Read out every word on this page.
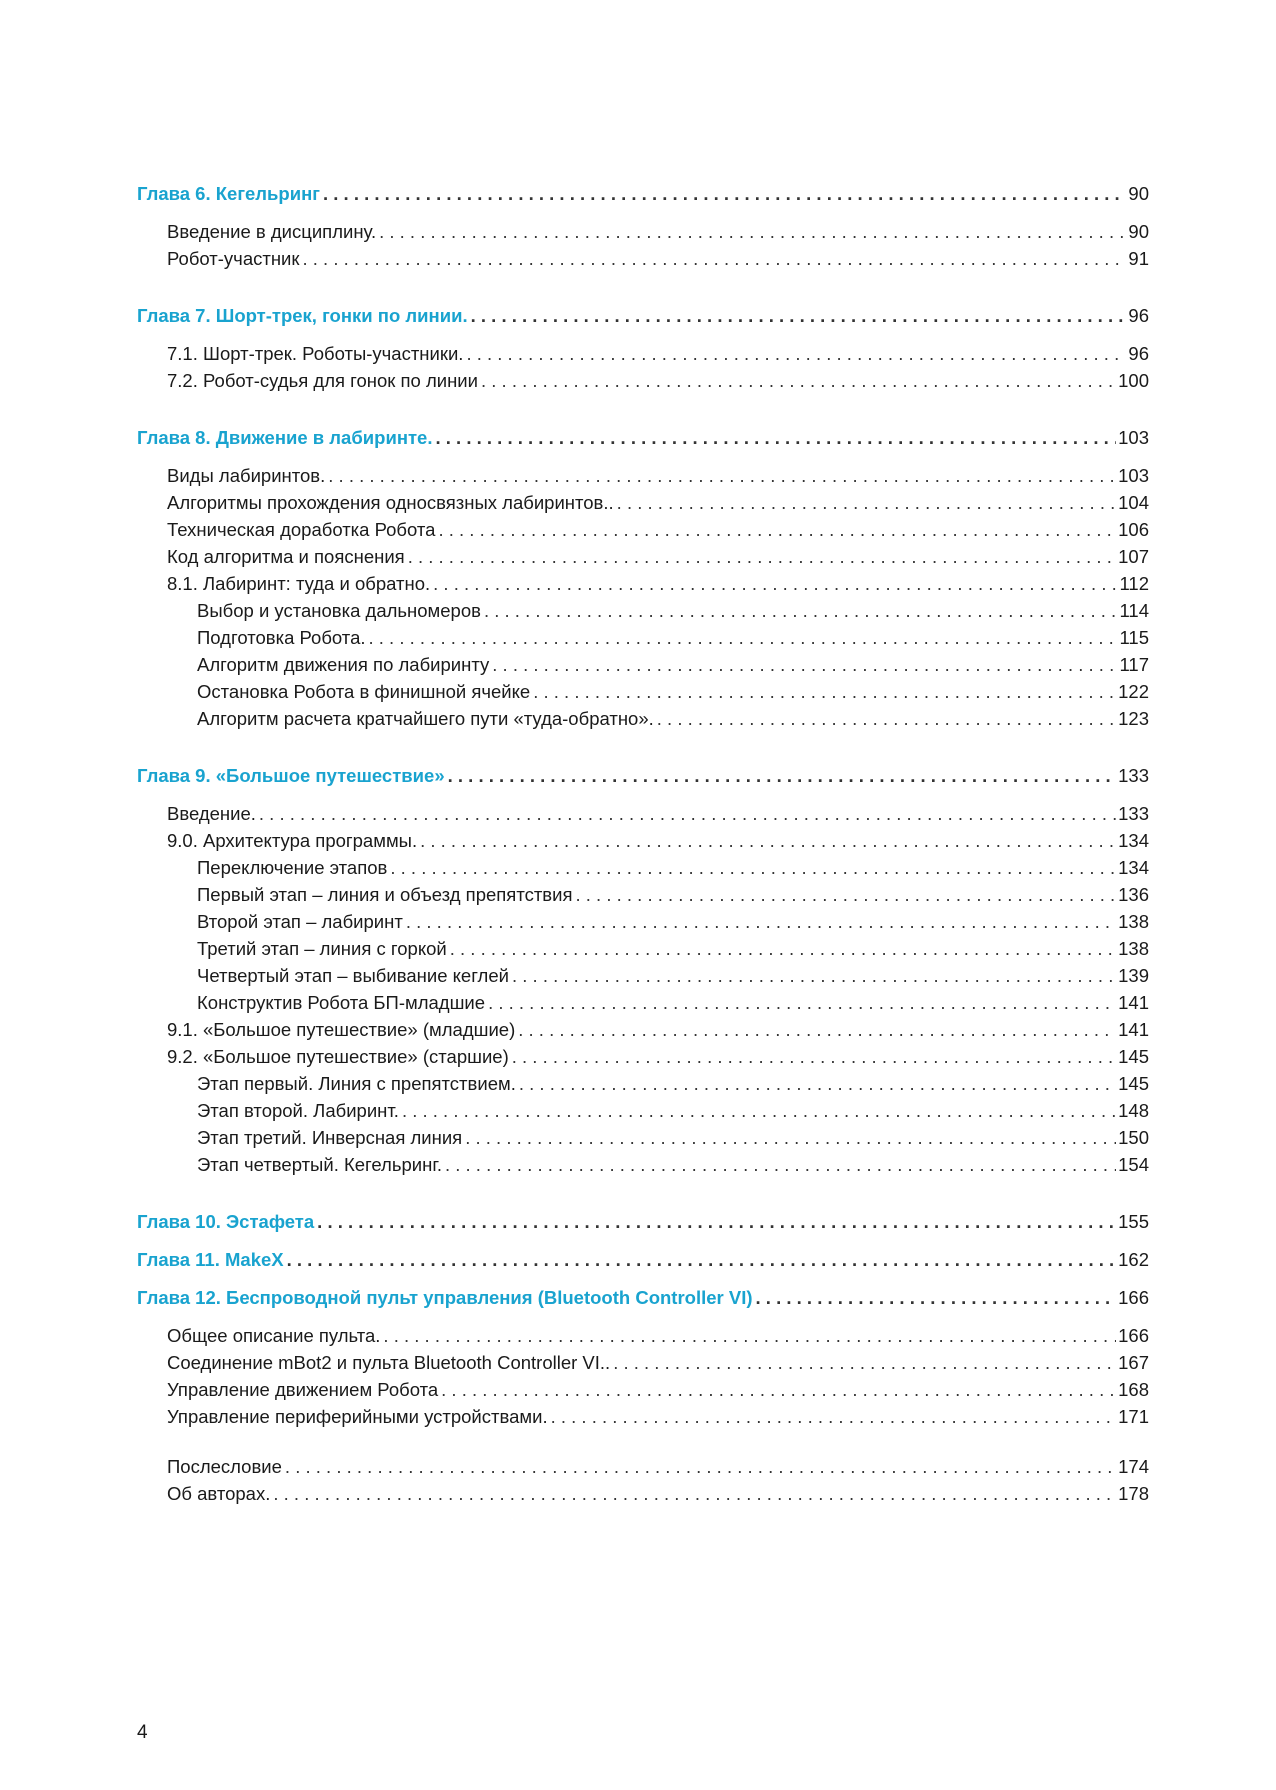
Глава 6. Кегельринг . . .	90
Введение в дисциплину. . . .	90
Робот-участник . . .	91
Глава 7. Шорт-трек, гонки по линии. . . .	96
7.1. Шорт-трек. Роботы-участники. . . .	96
7.2. Робот-судья для гонок по линии . . .	100
Глава 8. Движение в лабиринте. . . .	103
Виды лабиринтов. . . .	103
Алгоритмы прохождения односвязных лабиринтов.. . . .	104
Техническая доработка Робота . . .	106
Код алгоритма и пояснения . . .	107
8.1. Лабиринт: туда и обратно. . . .	112
Выбор и установка дальномеров . . .	114
Подготовка Робота. . . .	115
Алгоритм движения по лабиринту . . .	117
Остановка Робота в финишной ячейке . . .	122
Алгоритм расчета кратчайшего пути «туда-обратно». . . .	123
Глава 9. «Большое путешествие» . . .	133
Введение. . . .	133
9.0. Архитектура программы. . . .	134
Переключение этапов . . .	134
Первый этап – линия и объезд препятствия . . .	136
Второй этап – лабиринт . . .	138
Третий этап – линия с горкой . . .	138
Четвертый этап – выбивание кеглей . . .	139
Конструктив Робота БП-младшие . . .	141
9.1. «Большое путешествие» (младшие) . . .	141
9.2. «Большое путешествие» (старшие) . . .	145
Этап первый. Линия с препятствием. . . .	145
Этап второй. Лабиринт. . . .	148
Этап третий. Инверсная линия . . .	150
Этап четвертый. Кегельринг. . . .	154
Глава 10. Эстафета . . .	155
Глава 11. MakeX . . .	162
Глава 12. Беспроводной пульт управления (Bluetooth Controller VI) . . .	166
Общее описание пульта. . . .	166
Соединение mBot2 и пульта Bluetooth Controller VI.. . . .	167
Управление движением Робота . . .	168
Управление периферийными устройствами. . . .	171
Послесловие . . .	174
Об авторах. . . .	178
4
